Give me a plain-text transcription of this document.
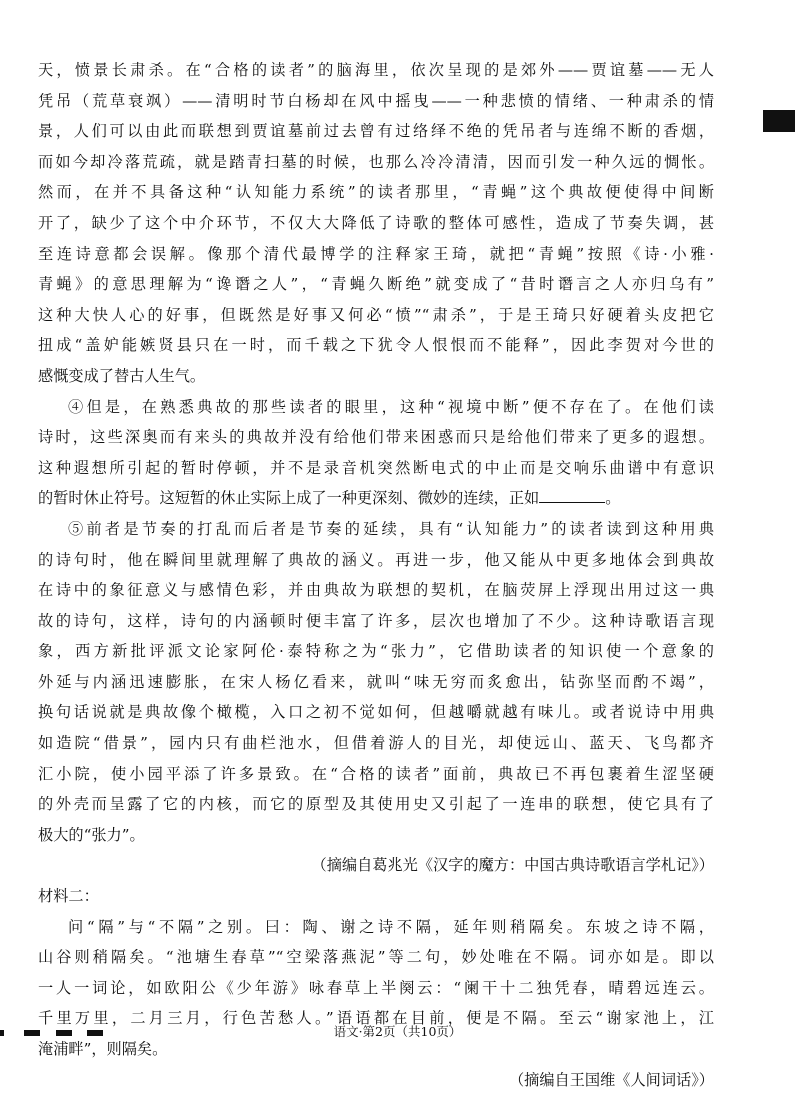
天，愤景长肃杀。在“合格的读者”的脑海里，依次呈现的是郊外——贾谊墓——无人
凭吊（荒草衰飒）——清明时节白杨却在风中摇曳——一种悲愤的情绪、一种肃杀的情
景，人们可以由此而联想到贾谊墓前过去曾有过络绎不绝的凭吊者与连绵不断的香烟，
而如今却冷落荒疏，就是踏青扫墓的时候，也那么冷冷清清，因而引发一种久远的惆怅。
然而，在并不具备这种“认知能力系统”的读者那里，“青蝇”这个典故便使得中间断
开了，缺少了这个中介环节，不仅大大降低了诗歌的整体可感性，造成了节奏失调，甚
至连诗意都会误解。像那个清代最博学的注释家王琦，就把“青蝇”按照《诗·小雅·
青蝇》的意思理解为“谗谮之人”，“青蝇久断绝”就变成了“昔时谮言之人亦归乌有”
这种大快人心的好事，但既然是好事又何必“愤”“肃杀”，于是王琦只好硬着头皮把它
扭成“盖妒能嫉贤县只在一时，而千载之下犹令人恨恨而不能释”，因此李贺对今世的
感慨变成了替古人生气。
④但是，在熟悉典故的那些读者的眼里，这种“视境中断”便不存在了。在他们读
诗时，这些深奥而有来头的典故并没有给他们带来困惑而只是给他们带来了更多的遐想。
这种遐想所引起的暂时停顿，并不是录音机突然断电式的中止而是交响乐曲谱中有意识
的暂时休止符号。这短暂的休止实际上成了一种更深刻、微妙的连续，正如	。
⑤前者是节奏的打乱而后者是节奏的延续，具有“认知能力”的读者读到这种用典
的诗句时，他在瞬间里就理解了典故的涵义。再进一步，他又能从中更多地体会到典故
在诗中的象征意义与感情色彩，并由典故为联想的契机，在脑荧屏上浮现出用过这一典
故的诗句，这样，诗句的内涵顿时便丰富了许多，层次也增加了不少。这种诗歌语言现
象，西方新批评派文论家阿伦·泰特称之为“张力”，它借助读者的知识使一个意象的
外延与内涵迅速膨胀，在宋人杨亿看来，就叫“味无穷而炙愈出，钻弥坚而酌不竭”，
换句话说就是典故像个橄榄，入口之初不觉如何，但越嚼就越有味儿。或者说诗中用典
如造院“借景”，园内只有曲栏池水，但借着游人的目光，却使远山、蓝天、飞鸟都齐
汇小院，使小园平添了许多景致。在“合格的读者”面前，典故已不再包裹着生涩坚硬
的外壳而呈露了它的内核，而它的原型及其使用史又引起了一连串的联想，使它具有了
极大的“张力”。
（摘编自葛兆光《汉字的魔方：中国古典诗歌语言学札记》）
材料二：
问“隔”与“不隔”之别。曰：陶、谢之诗不隔，延年则稍隔矣。东坡之诗不隔，
山谷则稍隔矣。“池塘生春草”“空梁落燕泥”等二句，妙处唯在不隔。词亦如是。即以
一人一词论，如欧阳公《少年游》咏春草上半阕云：“阑干十二独凭春，晴碧远连云。
千里万里，二月三月，行色苦愁人。”语语都在目前，便是不隔。至云“谢家池上，江
淹浦畔”，则隔矣。
（摘编自王国维《人间词话》）
语文·第2页（共10页）
